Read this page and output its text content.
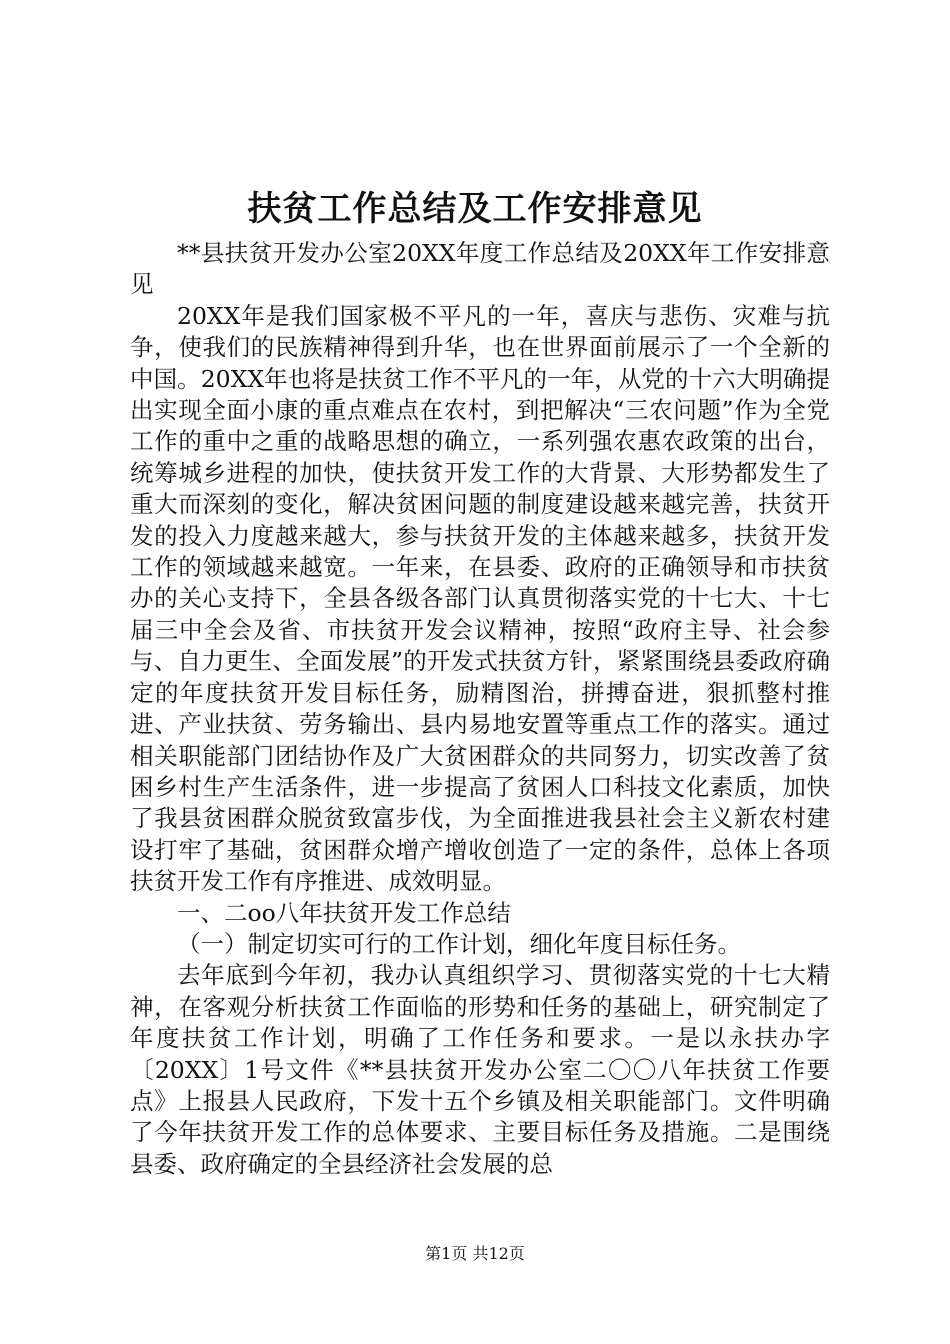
扶贫工作总结及工作安排意见

**县扶贫开发办公室20XX年度工作总结及20XX年工作安排意见

20XX年是我们国家极不平凡的一年，喜庆与悲伤、灾难与抗争，使我们的民族精神得到升华，也在世界面前展示了一个全新的中国。20XX年也将是扶贫工作不平凡的一年，从党的十六大明确提出实现全面小康的重点难点在农村，到把解决“三农问题”作为全党工作的重中之重的战略思想的确立，一系列强农惠农政策的出台，统筹城乡进程的加快，使扶贫开发工作的大背景、大形势都发生了重大而深刻的变化，解决贫困问题的制度建设越来越完善，扶贫开发的投入力度越来越大，参与扶贫开发的主体越来越多，扶贫开发工作的领域越来越宽。一年来，在县委、政府的正确领导和市扶贫办的关心支持下，全县各级各部门认真贯彻落实党的十七大、十七届三中全会及省、市扶贫开发会议精神，按照“政府主导、社会参与、自力更生、全面发展”的开发式扶贫方针，紧紧围绕县委政府确定的年度扶贫开发目标任务，励精图治，拼搏奋进，狠抓整村推进、产业扶贫、劳务输出、县内易地安置等重点工作的落实。通过相关职能部门团结协作及广大贫困群众的共同努力，切实改善了贫困乡村生产生活条件，进一步提高了贫困人口科技文化素质，加快了我县贫困群众脱贫致富步伐，为全面推进我县社会主义新农村建设打牢了基础，贫困群众增产增收创造了一定的条件，总体上各项扶贫开发工作有序推进、成效明显。

一、二oo八年扶贫开发工作总结

（一）制定切实可行的工作计划，细化年度目标任务。

去年底到今年初，我办认真组织学习、贯彻落实党的十七大精神，在客观分析扶贫工作面临的形势和任务的基础上，研究制定了年度扶贫工作计划，明确了工作任务和要求。一是以永扶办字〔20XX〕1号文件《**县扶贫开发办公室二〇〇八年扶贫工作要点》上报县人民政府，下发十五个乡镇及相关职能部门。文件明确了今年扶贫开发工作的总体要求、主要目标任务及措施。二是围绕县委、政府确定的全县经济社会发展的总

第1页 共12页
